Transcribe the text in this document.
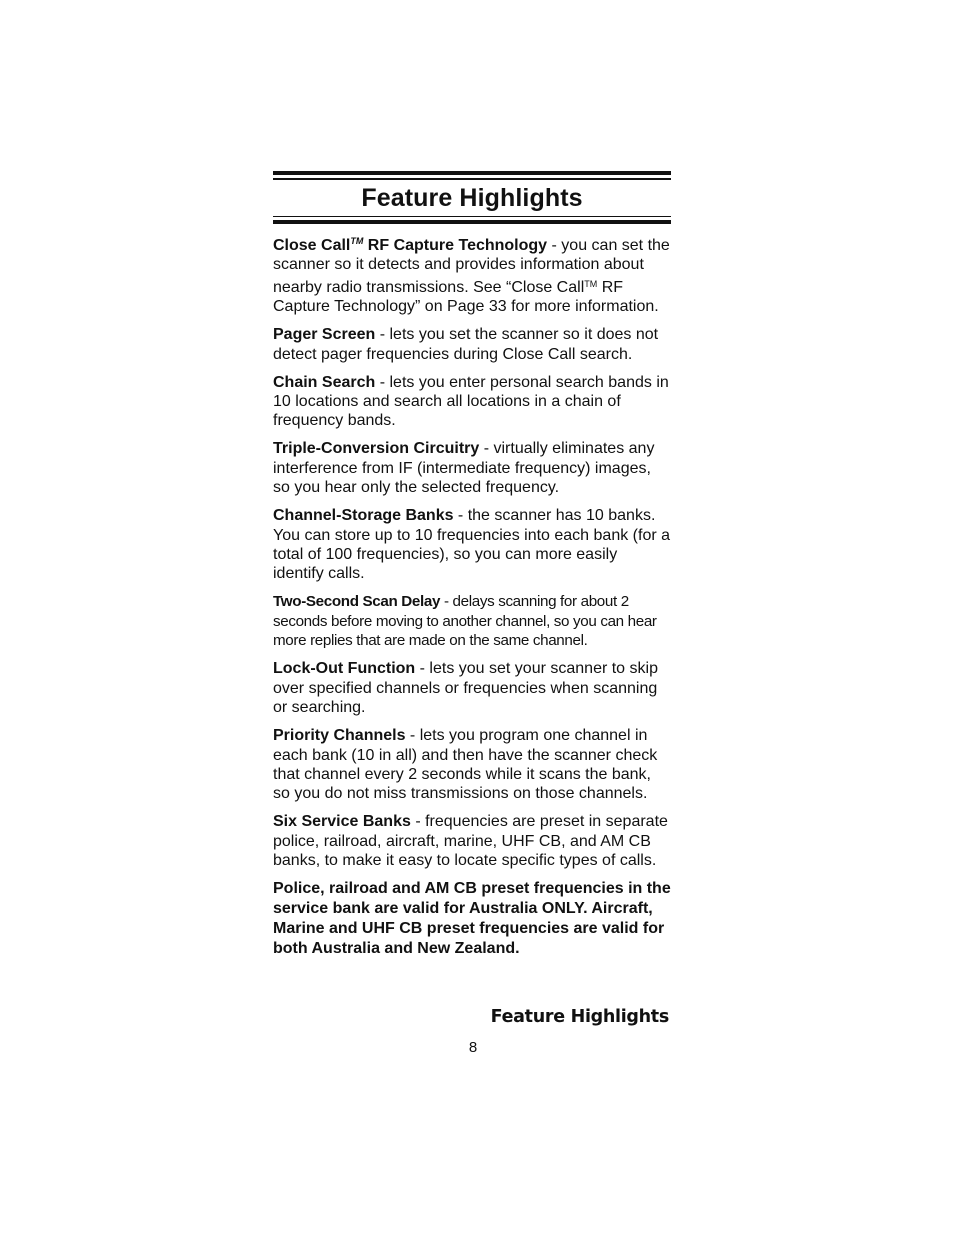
Feature Highlights

Close Call™ RF Capture Technology - you can set the scanner so it detects and provides information about nearby radio transmissions. See “Close Call™ RF Capture Technology” on Page 33 for more information.

Pager Screen - lets you set the scanner so it does not detect pager frequencies during Close Call search.

Chain Search - lets you enter personal search bands in 10 locations and search all locations in a chain of frequency bands.

Triple-Conversion Circuitry - virtually eliminates any interference from IF (intermediate frequency) images, so you hear only the selected frequency.

Channel-Storage Banks - the scanner has 10 banks. You can store up to 10 frequencies into each bank (for a total of 100 frequencies), so you can more easily identify calls.

Two-Second Scan Delay - delays scanning for about 2 seconds before moving to another channel, so you can hear more replies that are made on the same channel.

Lock-Out Function - lets you set your scanner to skip over specified channels or frequencies when scanning or searching.

Priority Channels - lets you program one channel in each bank (10 in all) and then have the scanner check that channel every 2 seconds while it scans the bank, so you do not miss transmissions on those channels.

Six Service Banks - frequencies are preset in separate police, railroad, aircraft, marine, UHF CB, and AM CB banks, to make it easy to locate specific types of calls.

Police, railroad and AM CB preset frequencies in the service bank are valid for Australia ONLY. Aircraft, Marine and UHF CB preset frequencies are valid for both Australia and New Zealand.

Feature Highlights
8
